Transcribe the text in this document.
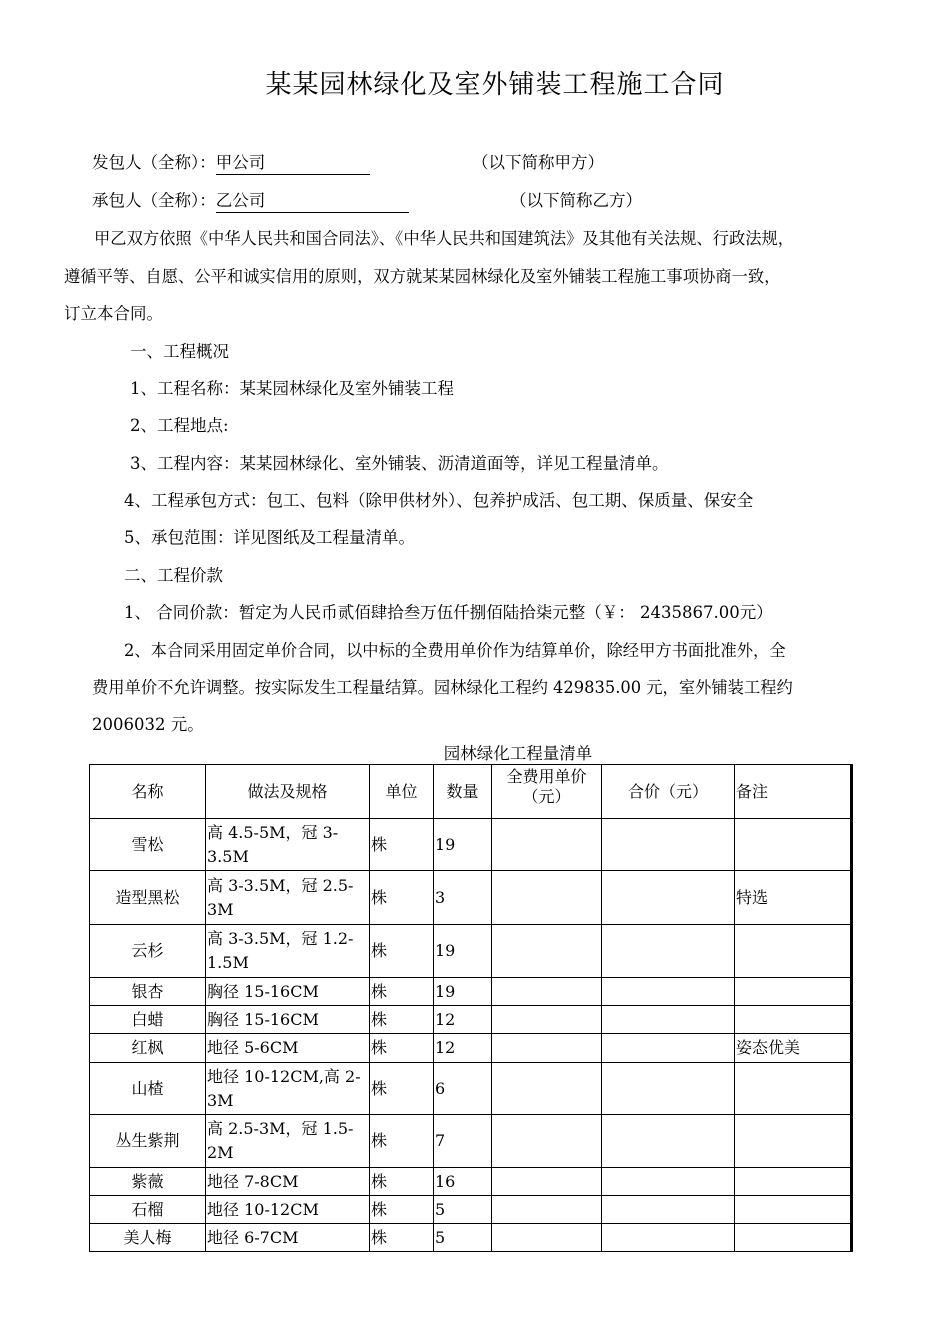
某某园林绿化及室外铺装工程施工合同
发包人（全称）：甲公司	（以下简称甲方）
承包人（全称）：乙公司	（以下简称乙方）
甲乙双方依照《中华人民共和国合同法》、《中华人民共和国建筑法》及其他有关法规、行政法规，
遵循平等、自愿、公平和诚实信用的原则，双方就某某园林绿化及室外铺装工程施工事项协商一致，
订立本合同。
一、工程概况
1、工程名称：某某园林绿化及室外铺装工程
2、工程地点:
3、工程内容：某某园林绿化、室外铺装、沥清道面等，详见工程量清单。
4、工程承包方式：包工、包料（除甲供材外）、包养护成活、包工期、保质量、保安全
5、承包范围：详见图纸及工程量清单。
二、工程价款
1、 合同价款：暂定为人民币贰佰肆拾叁万伍仟捌佰陆拾柒元整（￥： 2435867.00元）
2、本合同采用固定单价合同，以中标的全费用单价作为结算单价，除经甲方书面批准外，全
费用单价不允许调整。按实际发生工程量结算。园林绿化工程约 429835.00 元，室外铺装工程约
2006032 元。
园林绿化工程量清单
名称	做法及规格	单位	数量	全费用单价（元）	合价（元）	备注
雪松	高 4.5-5M，冠 3-3.5M	株	19			
造型黑松	高 3-3.5M，冠 2.5-3M	株	3			特选
云杉	高 3-3.5M，冠 1.2-1.5M	株	19			
银杏	胸径 15-16CM	株	19			
白蜡	胸径 15-16CM	株	12			
红枫	地径 5-6CM	株	12			姿态优美
山楂	地径 10-12CM,高 2-3M	株	6			
丛生紫荆	高 2.5-3M，冠 1.5-2M	株	7			
紫薇	地径 7-8CM	株	16			
石榴	地径 10-12CM	株	5			
美人梅	地径 6-7CM	株	5			
